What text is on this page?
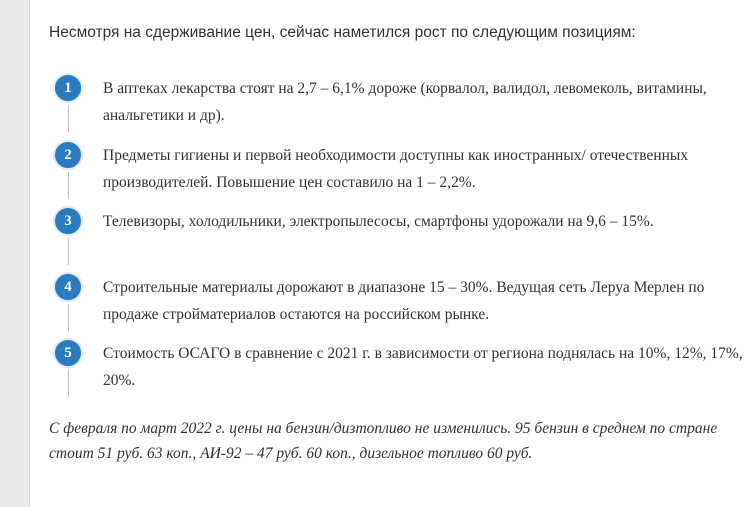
Несмотря на сдерживание цен, сейчас наметился рост по следующим позициям:

1	В аптеках лекарства стоят на 2,7 – 6,1% дороже (корвалол, валидол, левомеколь, витамины, анальгетики и др).

2	Предметы гигиены и первой необходимости доступны как иностранных/ отечественных производителей. Повышение цен составило на 1 – 2,2%.

3	Телевизоры, холодильники, электропылесосы, смартфоны удорожали на 9,6 – 15%.

4	Строительные материалы дорожают в диапазоне 15 – 30%. Ведущая сеть Леруа Мерлен по продаже стройматериалов остаются на российском рынке.

5	Стоимость ОСАГО в сравнение с 2021 г. в зависимости от региона поднялась на 10%, 12%, 17%, 20%.

С февраля по март 2022 г. цены на бензин/дизтопливо не изменились. 95 бензин в среднем по стране стоит 51 руб. 63 коп., АИ-92 – 47 руб. 60 коп., дизельное топливо 60 руб.
